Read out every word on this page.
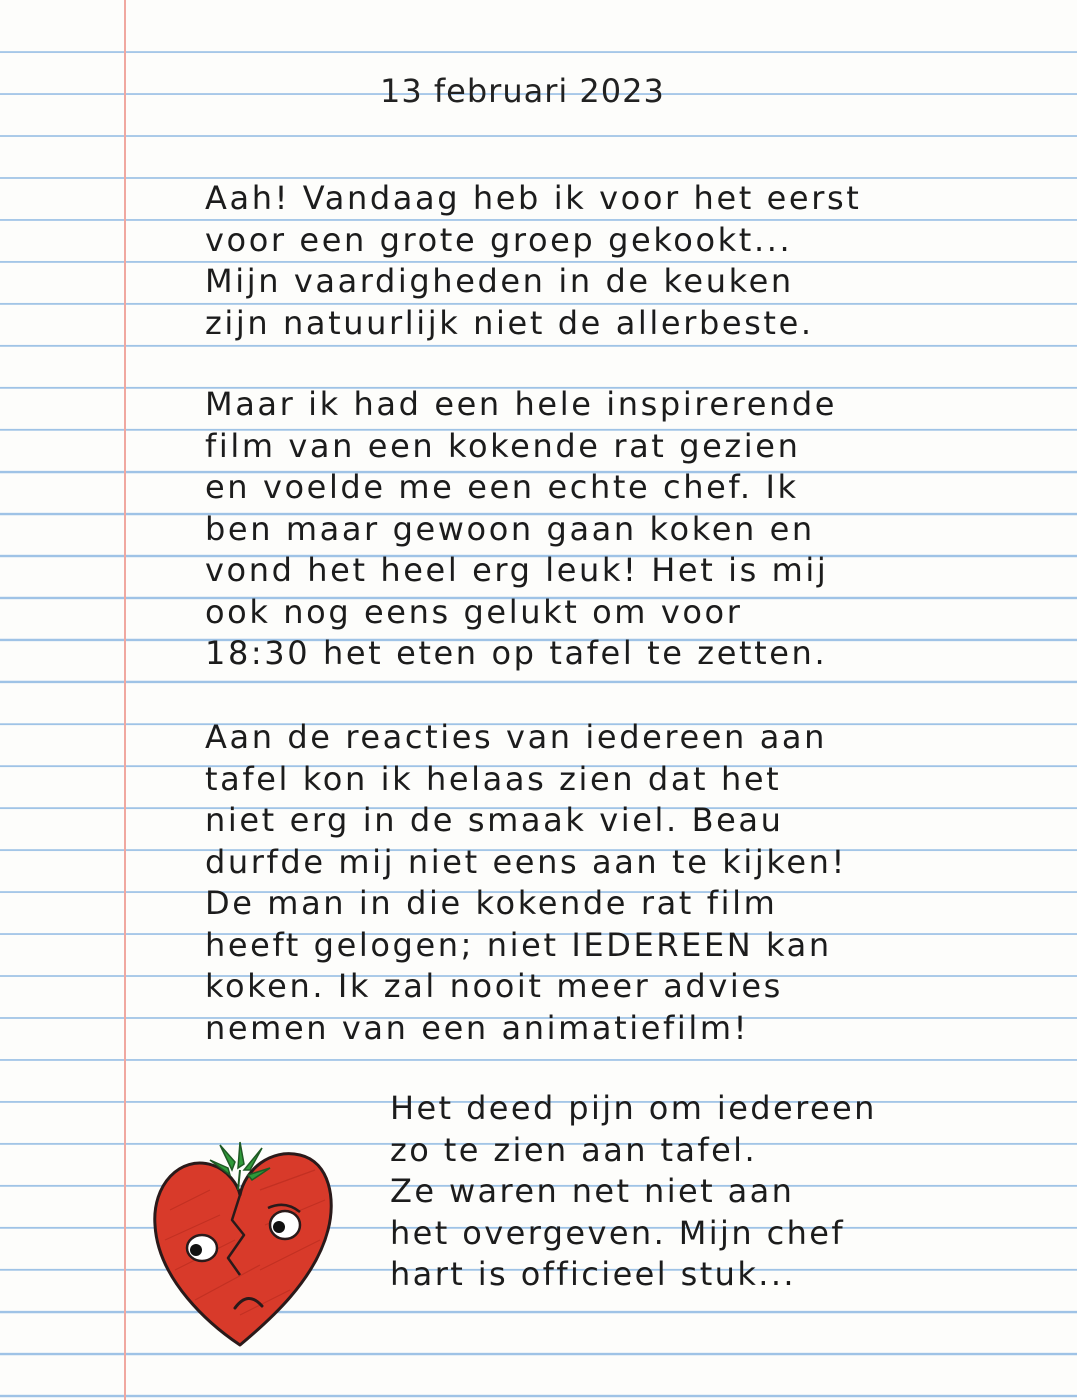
13 februari 2023
Aah! Vandaag heb ik voor het eerst
voor een grote groep gekookt...
Mijn vaardigheden in de keuken
zijn natuurlijk niet de allerbeste.
Maar ik had een hele inspirerende
film van een kokende rat gezien
en voelde me een echte chef. Ik
ben maar gewoon gaan koken en
vond het heel erg leuk! Het is mij
ook nog eens gelukt om voor
18:30 het eten op tafel te zetten.
Aan de reacties van iedereen aan
tafel kon ik helaas zien dat het
niet erg in de smaak viel. Beau
durfde mij niet eens aan te kijken!
De man in die kokende rat film
heeft gelogen; niet IEDEREEN kan
koken. Ik zal nooit meer advies
nemen van een animatiefilm!
Het deed pijn om iedereen
zo te zien aan tafel.
Ze waren net niet aan
het overgeven. Mijn chef
hart is officieel stuk...
